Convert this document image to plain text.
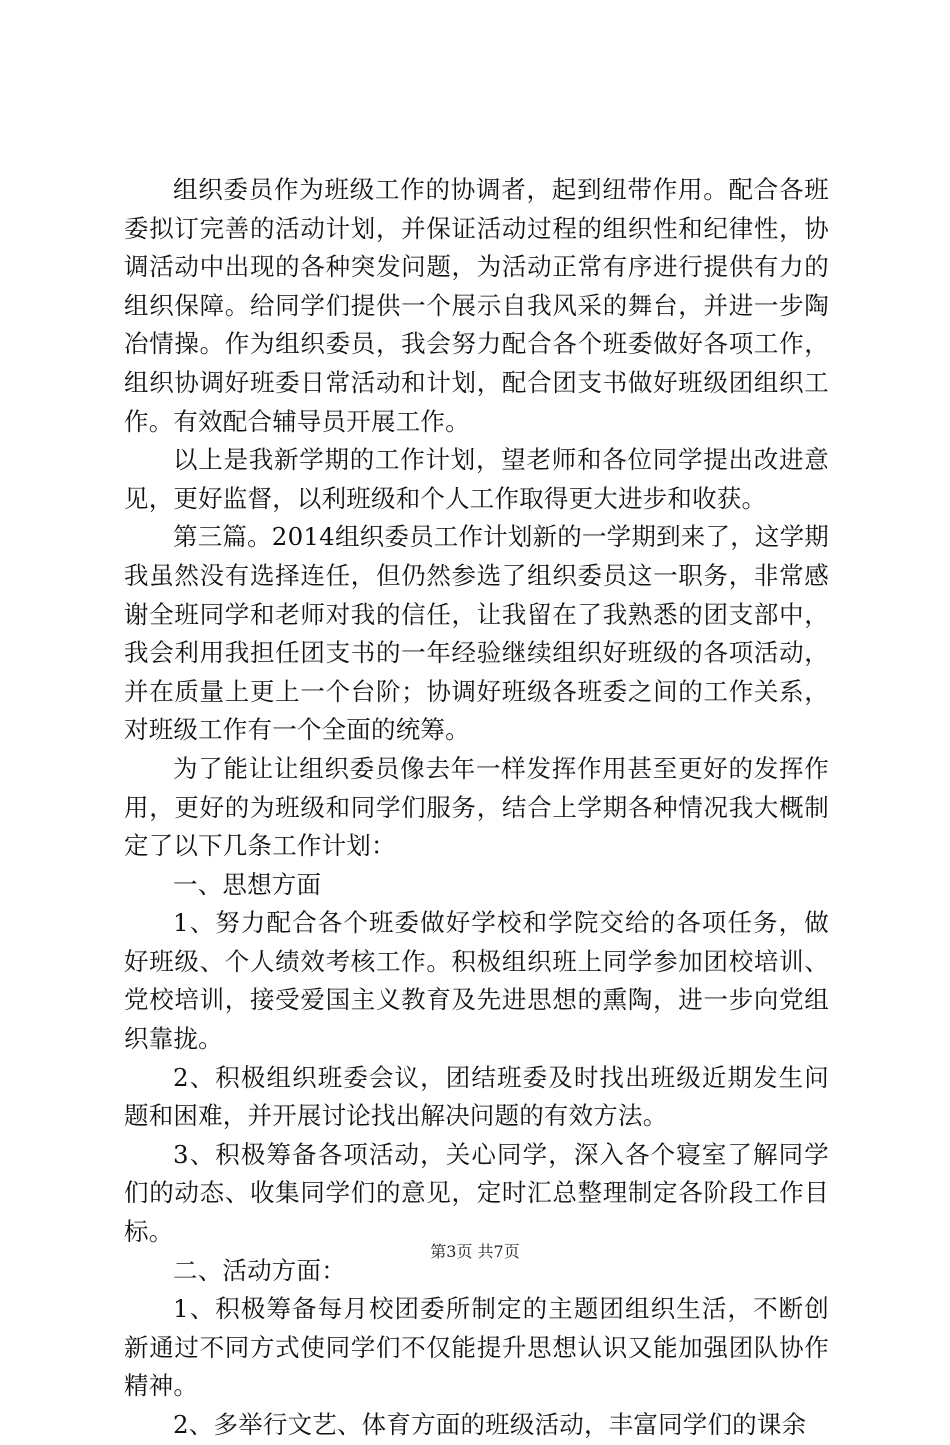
组织委员作为班级工作的协调者，起到纽带作用。配合各班委拟订完善的活动计划，并保证活动过程的组织性和纪律性，协调活动中出现的各种突发问题，为活动正常有序进行提供有力的组织保障。给同学们提供一个展示自我风采的舞台，并进一步陶冶情操。作为组织委员，我会努力配合各个班委做好各项工作，组织协调好班委日常活动和计划，配合团支书做好班级团组织工作。有效配合辅导员开展工作。

以上是我新学期的工作计划，望老师和各位同学提出改进意见，更好监督，以利班级和个人工作取得更大进步和收获。

第三篇。2014组织委员工作计划新的一学期到来了，这学期我虽然没有选择连任，但仍然参选了组织委员这一职务，非常感谢全班同学和老师对我的信任，让我留在了我熟悉的团支部中，我会利用我担任团支书的一年经验继续组织好班级的各项活动，并在质量上更上一个台阶；协调好班级各班委之间的工作关系，对班级工作有一个全面的统筹。

为了能让让组织委员像去年一样发挥作用甚至更好的发挥作用，更好的为班级和同学们服务，结合上学期各种情况我大概制定了以下几条工作计划：

一、思想方面

1、努力配合各个班委做好学校和学院交给的各项任务，做好班级、个人绩效考核工作。积极组织班上同学参加团校培训、党校培训，接受爱国主义教育及先进思想的熏陶，进一步向党组织靠拢。

2、积极组织班委会议，团结班委及时找出班级近期发生问题和困难，并开展讨论找出解决问题的有效方法。

3、积极筹备各项活动，关心同学，深入各个寝室了解同学们的动态、收集同学们的意见，定时汇总整理制定各阶段工作目标。

二、活动方面：

1、积极筹备每月校团委所制定的主题团组织生活，不断创新通过不同方式使同学们不仅能提升思想认识又能加强团队协作精神。

2、多举行文艺、体育方面的班级活动，丰富同学们的课余

第3页 共7页
